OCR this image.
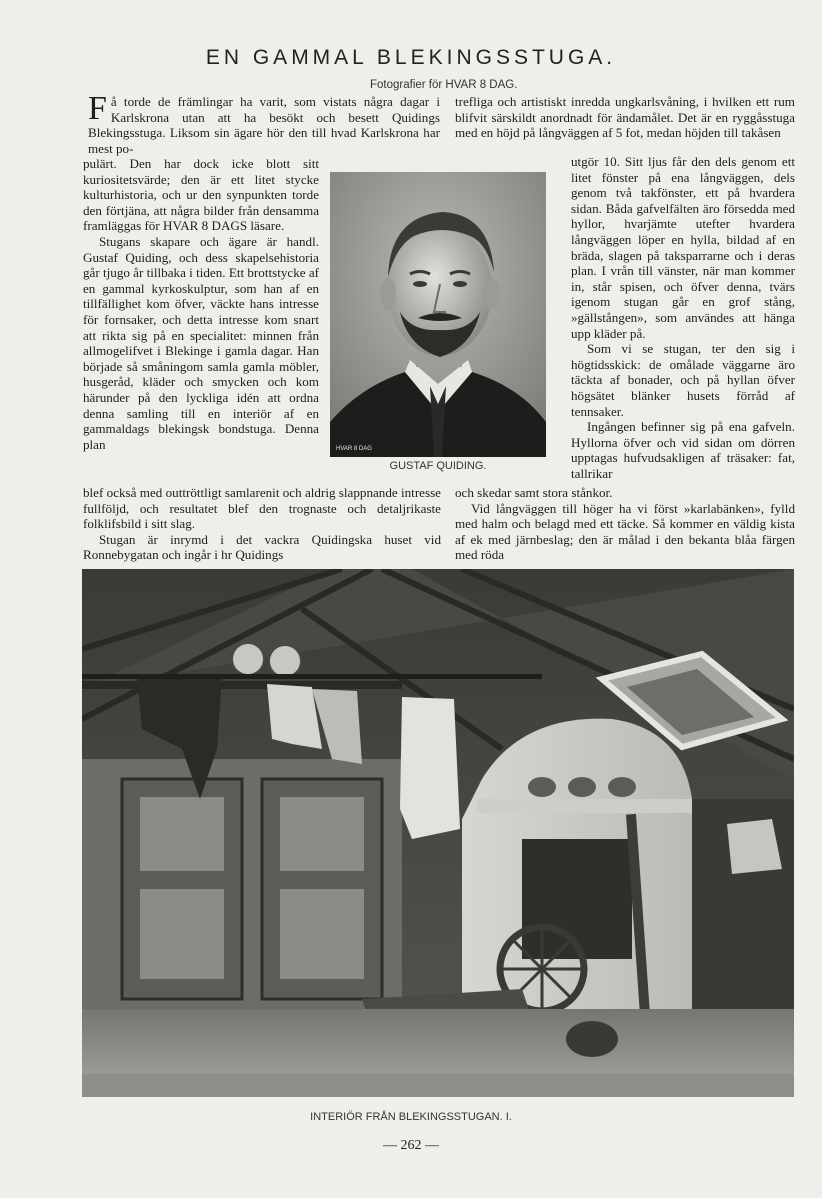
EN GAMMAL BLEKINGSSTUGA.
Fotografier för HVAR 8 DAG.

Få torde de främlingar ha varit, som vistats några dagar i Karlskrona utan att ha besökt och besett Quidings Blekingsstuga. Liksom sin ägare hör den till hvad Karlskrona har mest po-

pulärt. Den har dock icke blott sitt kuriositetsvärde; den är ett litet stycke kulturhistoria, och ur den synpunkten torde den förtjäna, att några bilder från densamma framläggas för HVAR 8 DAGS läsare.

Stugans skapare och ägare är handl. Gustaf Quiding, och dess skapelsehistoria går tjugo år tillbaka i tiden. Ett brottstycke af en gammal kyrkoskulptur, som han af en tillfällighet kom öfver, väckte hans intresse för fornsaker, och detta intresse kom snart att rikta sig på en specialitet: minnen från allmogelifvet i Blekinge i gamla dagar. Han började så småningom samla gamla möbler, husgeråd, kläder och smycken och kom härunder på den lyckliga idén att ordna denna samling till en interiör af en gammaldags blekingsk bondstuga. Denna plan

trefliga och artistiskt inredda ungkarlsvåning, i hvilken ett rum blifvit särskildt anordnadt för ändamålet. Det är en ryggåsstuga med en höjd på långväggen af 5 fot, medan höjden till takåsen

utgör 10. Sitt ljus får den dels genom ett litet fönster på ena långväggen, dels genom två takfönster, ett på hvardera sidan. Båda gafvelfälten äro försedda med hyllor, hvarjämte utefter hvardera långväggen löper en hylla, bildad af en bräda, slagen på taksparrarne och i deras plan. I vrån till vänster, när man kommer in, står spisen, och öfver denna, tvärs igenom stugan går en grof stång, »gällstången», som användes att hänga upp kläder på.

Som vi se stugan, ter den sig i högtidsskick: de omålade väggarne äro täckta af bonader, och på hyllan öfver högsätet blänker husets förråd af tennsaker.

Ingången befinner sig på ena gafveln. Hyllorna öfver och vid sidan om dörren upptagas hufvudsakligen af träsaker: fat, tallrikar

HVAR 8 DAG
GUSTAF QUIDING.

blef också med outtröttligt samlarenit och aldrig slappnande intresse fullföljd, och resultatet blef den trognaste och detaljrikaste folklifsbild i sitt slag.

Stugan är inrymd i det vackra Quidingska huset vid Ronnebygatan och ingår i hr Quidings

och skedar samt stora stånkor.

Vid långväggen till höger ha vi först »karlabänken», fylld med halm och belagd med ett täcke. Så kommer en väldig kista af ek med järnbeslag; den är målad i den bekanta blåa färgen med röda

INTERIÖR FRÅN BLEKINGSSTUGAN. I.
— 262 —
